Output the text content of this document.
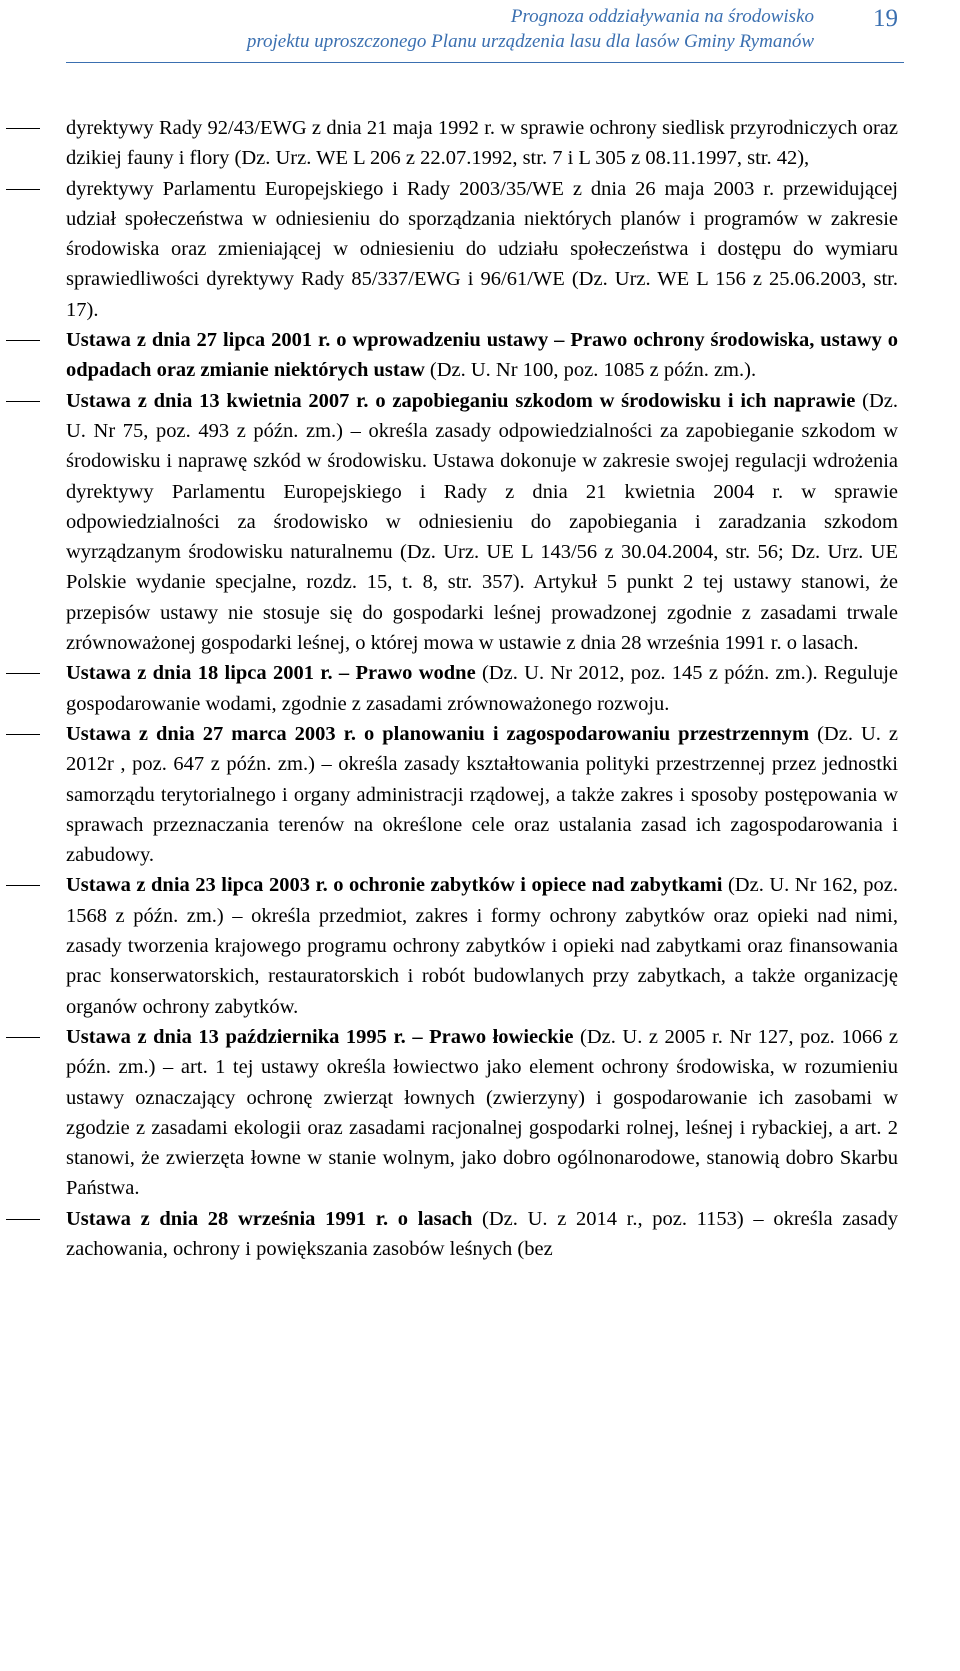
Prognoza oddziaływania na środowisko
projektu uproszczonego Planu urządzenia lasu dla lasów Gminy Rymanów
19
dyrektywy Rady 92/43/EWG z dnia 21 maja 1992 r. w sprawie ochrony siedlisk przyrodniczych oraz dzikiej fauny i flory (Dz. Urz. WE L 206 z 22.07.1992, str. 7 i L 305 z 08.11.1997, str. 42),
dyrektywy Parlamentu Europejskiego i Rady 2003/35/WE z dnia 26 maja 2003 r. przewidującej udział społeczeństwa w odniesieniu do sporządzania niektórych planów i programów w zakresie środowiska oraz zmieniającej w odniesieniu do udziału społeczeństwa i dostępu do wymiaru sprawiedliwości dyrektywy Rady 85/337/EWG i 96/61/WE (Dz. Urz. WE L 156 z 25.06.2003, str. 17).
Ustawa z dnia 27 lipca 2001 r. o wprowadzeniu ustawy – Prawo ochrony środowiska, ustawy o odpadach oraz zmianie niektórych ustaw (Dz. U. Nr 100, poz. 1085 z późn. zm.).
Ustawa z dnia 13 kwietnia 2007 r. o zapobieganiu szkodom w środowisku i ich naprawie (Dz. U. Nr 75, poz. 493 z późn. zm.) – określa zasady odpowiedzialności za zapobieganie szkodom w środowisku i naprawę szkód w środowisku. Ustawa dokonuje w zakresie swojej regulacji wdrożenia dyrektywy Parlamentu Europejskiego i Rady z dnia 21 kwietnia 2004 r. w sprawie odpowiedzialności za środowisko w odniesieniu do zapobiegania i zaradzania szkodom wyrządzanym środowisku naturalnemu (Dz. Urz. UE L 143/56 z 30.04.2004, str. 56; Dz. Urz. UE Polskie wydanie specjalne, rozdz. 15, t. 8, str. 357). Artykuł 5 punkt 2 tej ustawy stanowi, że przepisów ustawy nie stosuje się do gospodarki leśnej prowadzonej zgodnie z zasadami trwale zrównoważonej gospodarki leśnej, o której mowa w ustawie z dnia 28 września 1991 r. o lasach.
Ustawa z dnia 18 lipca 2001 r. – Prawo wodne (Dz. U. Nr 2012, poz. 145 z późn. zm.). Reguluje gospodarowanie wodami, zgodnie z zasadami zrównoważonego rozwoju.
Ustawa z dnia 27 marca 2003 r. o planowaniu i zagospodarowaniu przestrzennym (Dz. U. z 2012r , poz. 647 z późn. zm.) – określa zasady kształtowania polityki przestrzennej przez jednostki samorządu terytorialnego i organy administracji rządowej, a także zakres i sposoby postępowania w sprawach przeznaczania terenów na określone cele oraz ustalania zasad ich zagospodarowania i zabudowy.
Ustawa z dnia 23 lipca 2003 r. o ochronie zabytków i opiece nad zabytkami (Dz. U. Nr 162, poz. 1568 z późn. zm.) – określa przedmiot, zakres i formy ochrony zabytków oraz opieki nad nimi, zasady tworzenia krajowego programu ochrony zabytków i opieki nad zabytkami oraz finansowania prac konserwatorskich, restauratorskich i robót budowlanych przy zabytkach, a także organizację organów ochrony zabytków.
Ustawa z dnia 13 października 1995 r. – Prawo łowieckie (Dz. U. z 2005 r. Nr 127, poz. 1066 z późn. zm.) – art. 1 tej ustawy określa łowiectwo jako element ochrony środowiska, w rozumieniu ustawy oznaczający ochronę zwierząt łownych (zwierzyny) i gospodarowanie ich zasobami w zgodzie z zasadami ekologii oraz zasadami racjonalnej gospodarki rolnej, leśnej i rybackiej, a art. 2 stanowi, że zwierzęta łowne w stanie wolnym, jako dobro ogólnonarodowe, stanowią dobro Skarbu Państwa.
Ustawa z dnia 28 września 1991 r. o lasach (Dz. U. z 2014 r., poz. 1153) – określa zasady zachowania, ochrony i powiększania zasobów leśnych (bez
